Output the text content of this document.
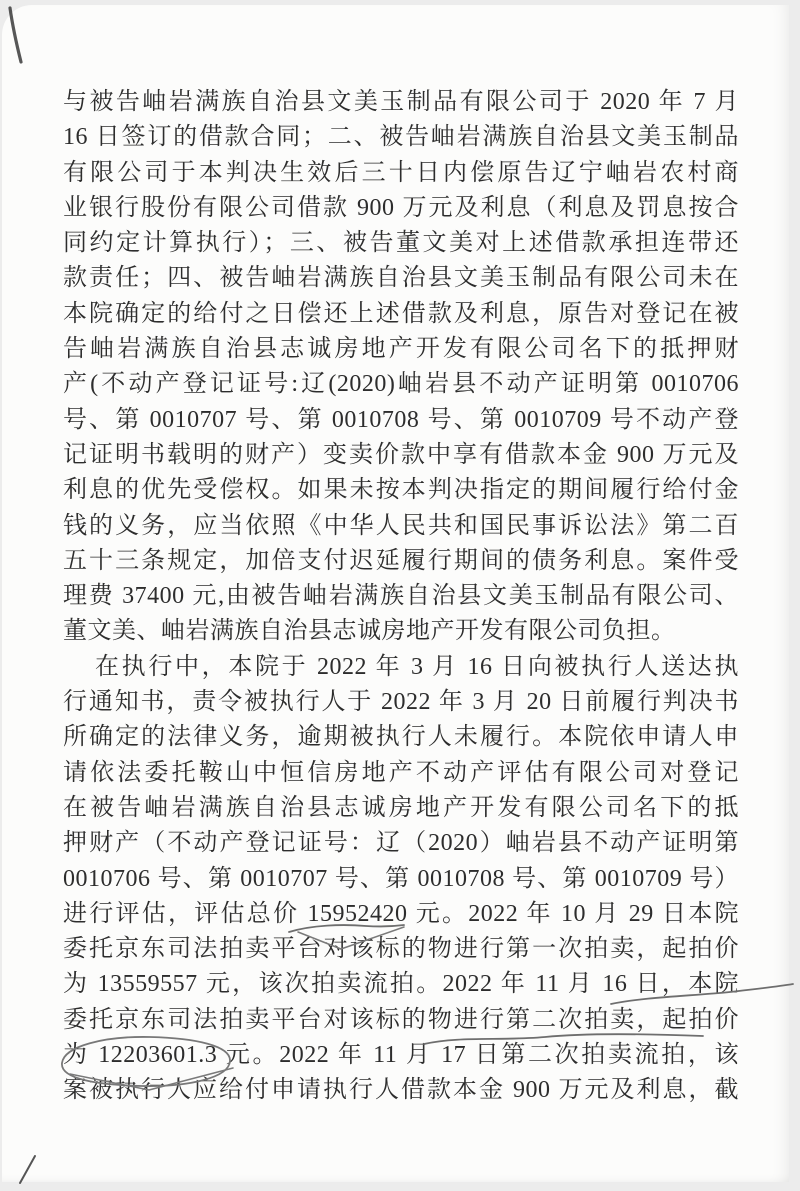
与被告岫岩满族自治县文美玉制品有限公司于 2020 年 7 月
16 日签订的借款合同；二、被告岫岩满族自治县文美玉制品
有限公司于本判决生效后三十日内偿原告辽宁岫岩农村商
业银行股份有限公司借款 900 万元及利息（利息及罚息按合
同约定计算执行）；三、被告董文美对上述借款承担连带还
款责任；四、被告岫岩满族自治县文美玉制品有限公司未在
本院确定的给付之日偿还上述借款及利息，原告对登记在被
告岫岩满族自治县志诚房地产开发有限公司名下的抵押财
产(不动产登记证号:辽(2020)岫岩县不动产证明第 0010706
号、第 0010707 号、第 0010708 号、第 0010709 号不动产登
记证明书载明的财产）变卖价款中享有借款本金 900 万元及
利息的优先受偿权。如果未按本判决指定的期间履行给付金
钱的义务，应当依照《中华人民共和国民事诉讼法》第二百
五十三条规定，加倍支付迟延履行期间的债务利息。案件受
理费 37400 元,由被告岫岩满族自治县文美玉制品有限公司、
董文美、岫岩满族自治县志诚房地产开发有限公司负担。
在执行中，本院于 2022 年 3 月 16 日向被执行人送达执
行通知书，责令被执行人于 2022 年 3 月 20 日前履行判决书
所确定的法律义务，逾期被执行人未履行。本院依申请人申
请依法委托鞍山中恒信房地产不动产评估有限公司对登记
在被告岫岩满族自治县志诚房地产开发有限公司名下的抵
押财产（不动产登记证号：辽（2020）岫岩县不动产证明第
0010706 号、第 0010707 号、第 0010708 号、第 0010709 号）
进行评估，评估总价 15952420 元。2022 年 10 月 29 日本院
委托京东司法拍卖平台对该标的物进行第一次拍卖，起拍价
为 13559557 元，该次拍卖流拍。2022 年 11 月 16 日，本院
委托京东司法拍卖平台对该标的物进行第二次拍卖，起拍价
为 12203601.3 元。2022 年 11 月 17 日第二次拍卖流拍，该
案被执行人应给付申请执行人借款本金 900 万元及利息，截
